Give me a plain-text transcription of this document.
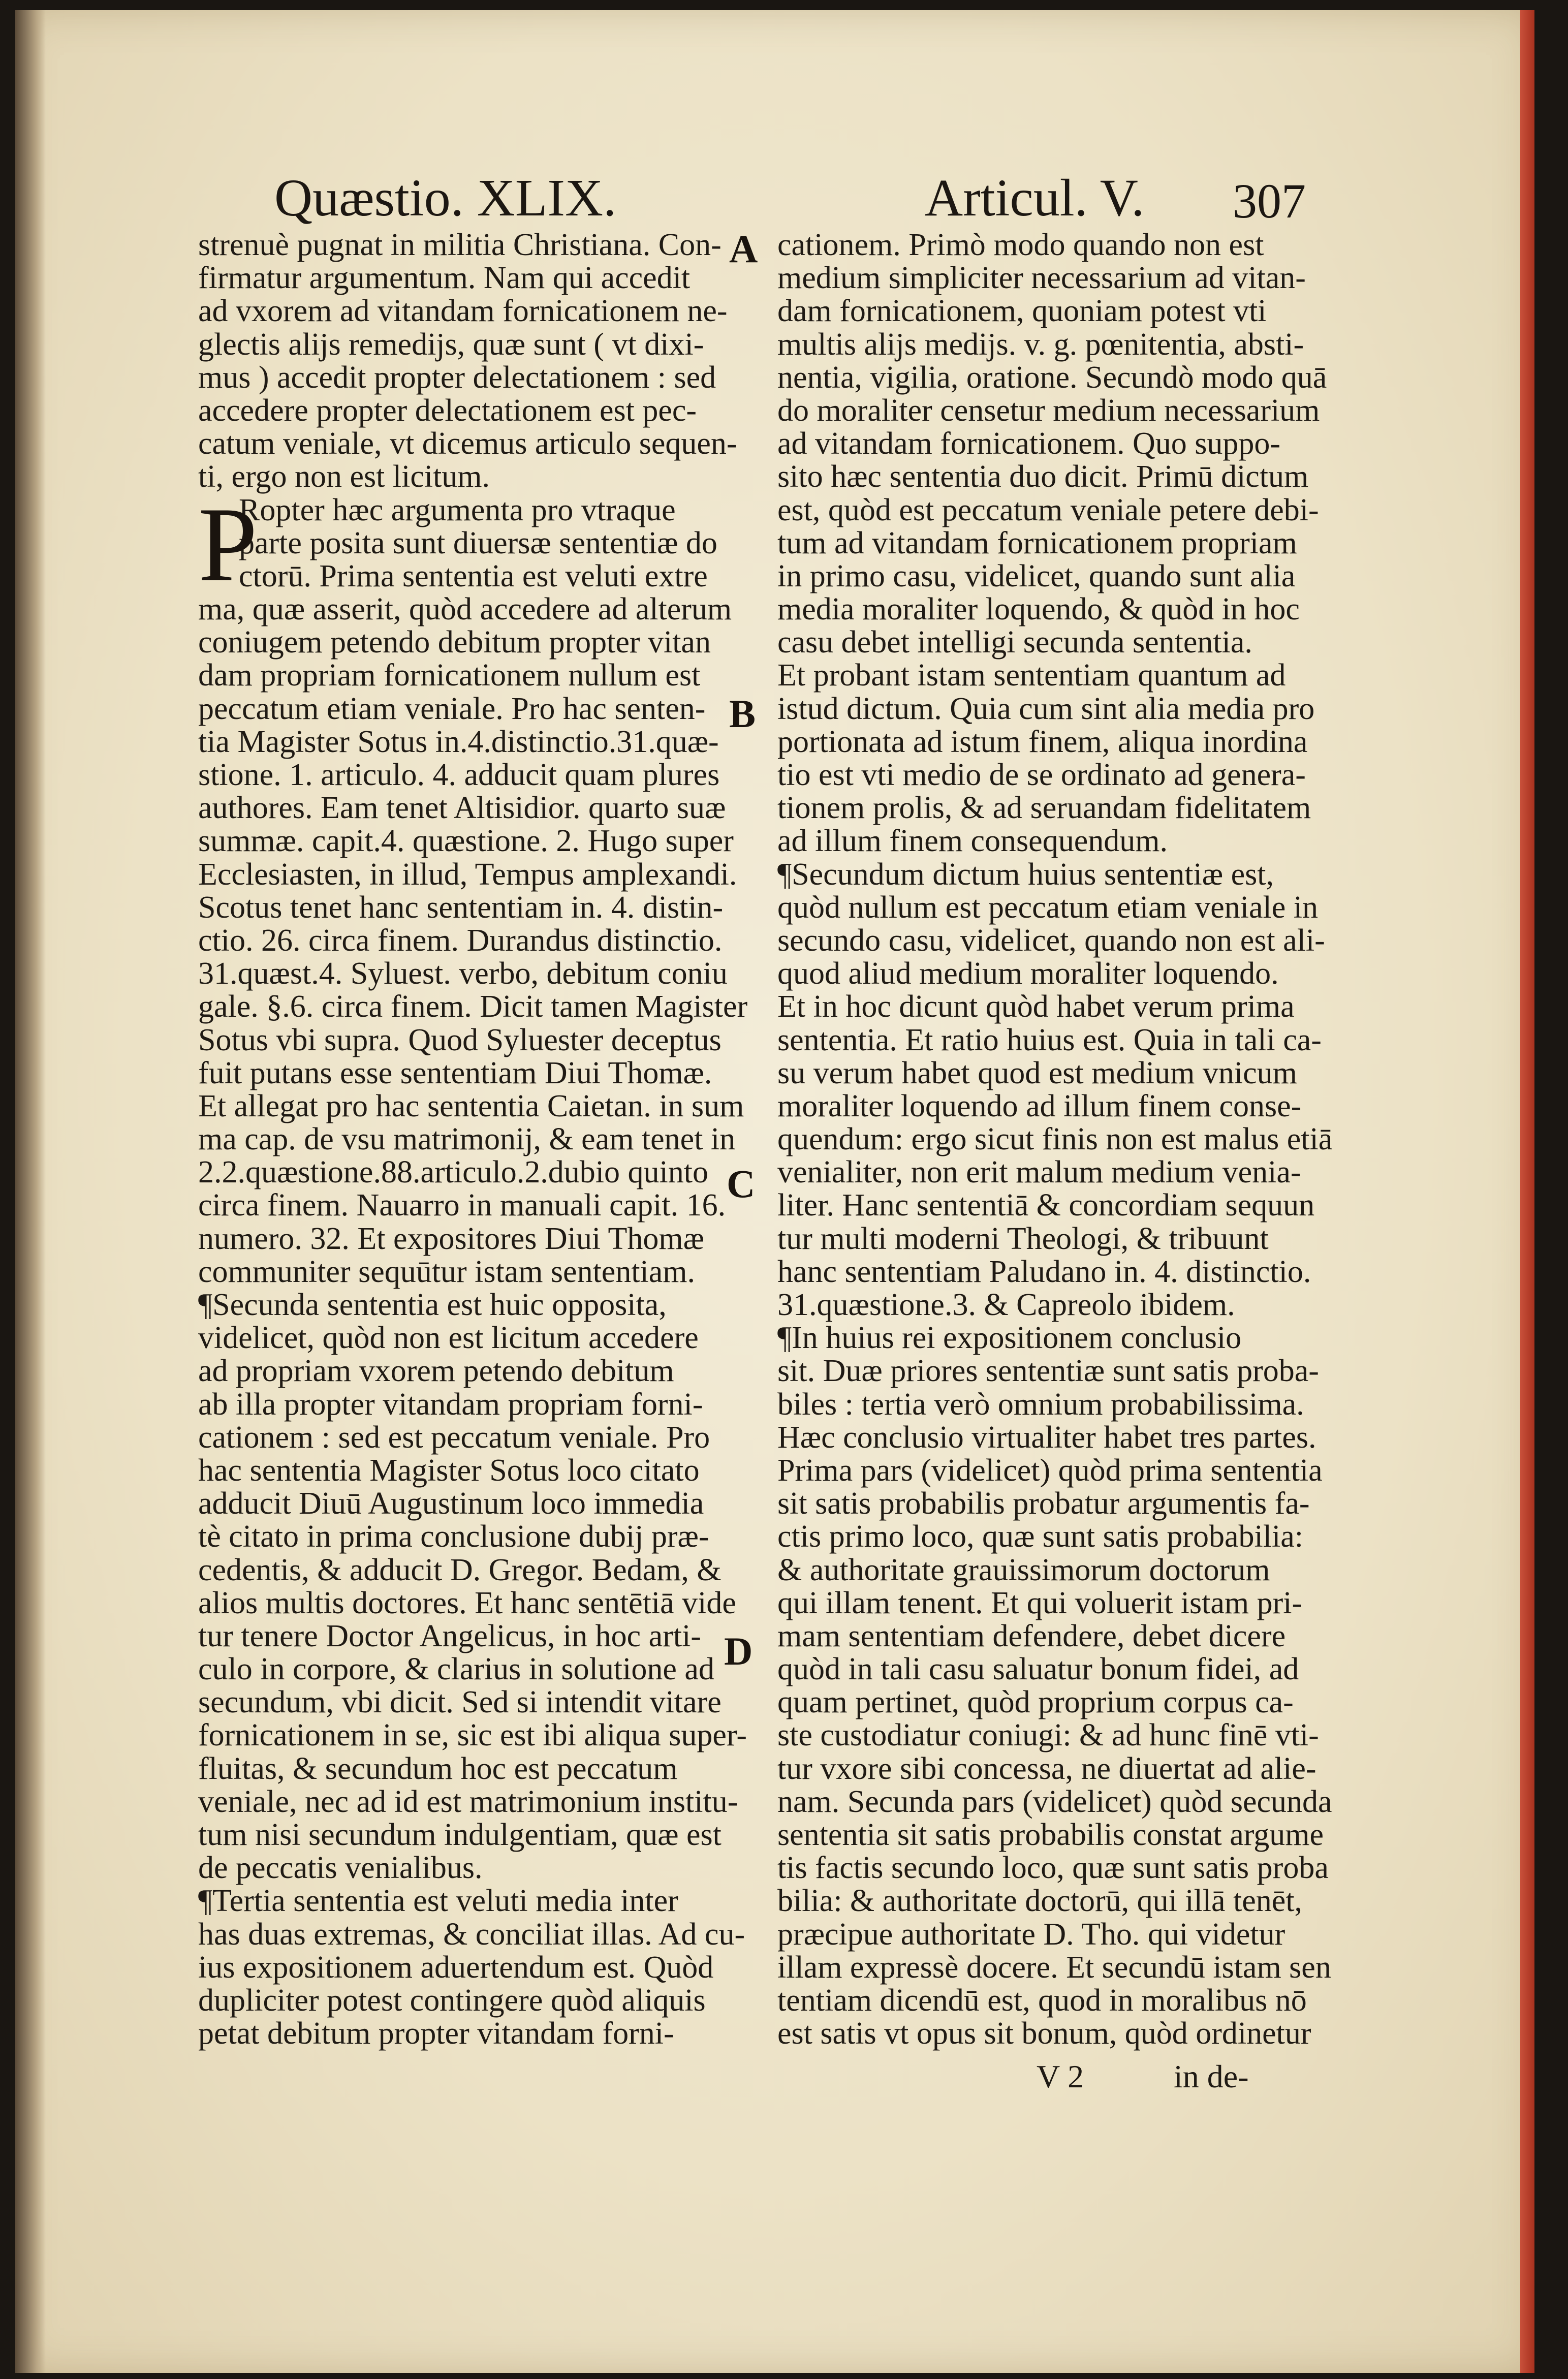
Quæstio. XLIX.	Articul. V. 307
strenuè pugnat in militia Christiana. Con-
firmatur argumentum. Nam qui accedit
ad vxorem ad vitandam fornicationem ne-
glectis alijs remedijs, quæ sunt ( vt dixi-
mus ) accedit propter delectationem : sed
accedere propter delectationem est pec-
catum veniale, vt dicemus articulo sequen-
ti, ergo non est licitum.
P
Ropter hæc argumenta pro vtraque
parte posita sunt diuersæ sententiæ do
ctorū. Prima sententia est veluti extre
ma, quæ asserit, quòd accedere ad alterum
coniugem petendo debitum propter vitan
dam propriam fornicationem nullum est
peccatum etiam veniale. Pro hac senten-
tia Magister Sotus in.4.distinctio.31.quæ-
stione. 1. articulo. 4. adducit quam plures
authores. Eam tenet Altisidior. quarto suæ
summæ. capit.4. quæstione. 2. Hugo super
Ecclesiasten, in illud, Tempus amplexandi.
Scotus tenet hanc sententiam in. 4. distin-
ctio. 26. circa finem. Durandus distinctio.
31.quæst.4. Syluest. verbo, debitum coniu
gale. §.6. circa finem. Dicit tamen Magister
Sotus vbi supra. Quod Syluester deceptus
fuit putans esse sententiam Diui Thomæ.
Et allegat pro hac sententia Caietan. in sum
ma cap. de vsu matrimonij, & eam tenet in
2.2.quæstione.88.articulo.2.dubio quinto
circa finem. Nauarro in manuali capit. 16.
numero. 32. Et expositores Diui Thomæ
communiter sequūtur istam sententiam.
¶Secunda sententia est huic opposita,
videlicet, quòd non est licitum accedere
ad propriam vxorem petendo debitum
ab illa propter vitandam propriam forni-
cationem : sed est peccatum veniale. Pro
hac sententia Magister Sotus loco citato
adducit Diuū Augustinum loco immedia
tè citato in prima conclusione dubij præ-
cedentis, & adducit D. Gregor. Bedam, &
alios multis doctores. Et hanc sentētiā vide
tur tenere Doctor Angelicus, in hoc arti-
culo in corpore, & clarius in solutione ad
secundum, vbi dicit. Sed si intendit vitare
fornicationem in se, sic est ibi aliqua super-
fluitas, & secundum hoc est peccatum
veniale, nec ad id est matrimonium institu-
tum nisi secundum indulgentiam, quæ est
de peccatis venialibus.
¶Tertia sententia est veluti media inter
has duas extremas, & conciliat illas. Ad cu-
ius expositionem aduertendum est. Quòd
dupliciter potest contingere quòd aliquis
petat debitum propter vitandam forni-
cationem. Primò modo quando non est
medium simpliciter necessarium ad vitan-
dam fornicationem, quoniam potest vti
multis alijs medijs. v. g. pœnitentia, absti-
nentia, vigilia, oratione. Secundò modo quā
do moraliter censetur medium necessarium
ad vitandam fornicationem. Quo suppo-
sito hæc sententia duo dicit. Primū dictum
est, quòd est peccatum veniale petere debi-
tum ad vitandam fornicationem propriam
in primo casu, videlicet, quando sunt alia
media moraliter loquendo, & quòd in hoc
casu debet intelligi secunda sententia.
Et probant istam sententiam quantum ad
istud dictum. Quia cum sint alia media pro
portionata ad istum finem, aliqua inordina
tio est vti medio de se ordinato ad genera-
tionem prolis, & ad seruandam fidelitatem
ad illum finem consequendum.
¶Secundum dictum huius sententiæ est,
quòd nullum est peccatum etiam veniale in
secundo casu, videlicet, quando non est ali-
quod aliud medium moraliter loquendo.
Et in hoc dicunt quòd habet verum prima
sententia. Et ratio huius est. Quia in tali ca-
su verum habet quod est medium vnicum
moraliter loquendo ad illum finem conse-
quendum: ergo sicut finis non est malus etiā
venialiter, non erit malum medium venia-
liter. Hanc sententiā & concordiam sequun
tur multi moderni Theologi, & tribuunt
hanc sententiam Paludano in. 4. distinctio.
31.quæstione.3. & Capreolo ibidem.
¶In huius rei expositionem conclusio
sit. Duæ priores sententiæ sunt satis proba-
biles : tertia verò omnium probabilissima.
Hæc conclusio virtualiter habet tres partes.
Prima pars (videlicet) quòd prima sententia
sit satis probabilis probatur argumentis fa-
ctis primo loco, quæ sunt satis probabilia:
& authoritate grauissimorum doctorum
qui illam tenent. Et qui voluerit istam pri-
mam sententiam defendere, debet dicere
quòd in tali casu saluatur bonum fidei, ad
quam pertinet, quòd proprium corpus ca-
ste custodiatur coniugi: & ad hunc finē vti-
tur vxore sibi concessa, ne diuertat ad alie-
nam. Secunda pars (videlicet) quòd secunda
sententia sit satis probabilis constat argume
tis factis secundo loco, quæ sunt satis proba
bilia: & authoritate doctorū, qui illā tenēt,
præcipue authoritate D. Tho. qui videtur
illam expressè docere. Et secundū istam sen
tentiam dicendū est, quod in moralibus nō
est satis vt opus sit bonum, quòd ordinetur
A
B
C
D
V 2	in de-
